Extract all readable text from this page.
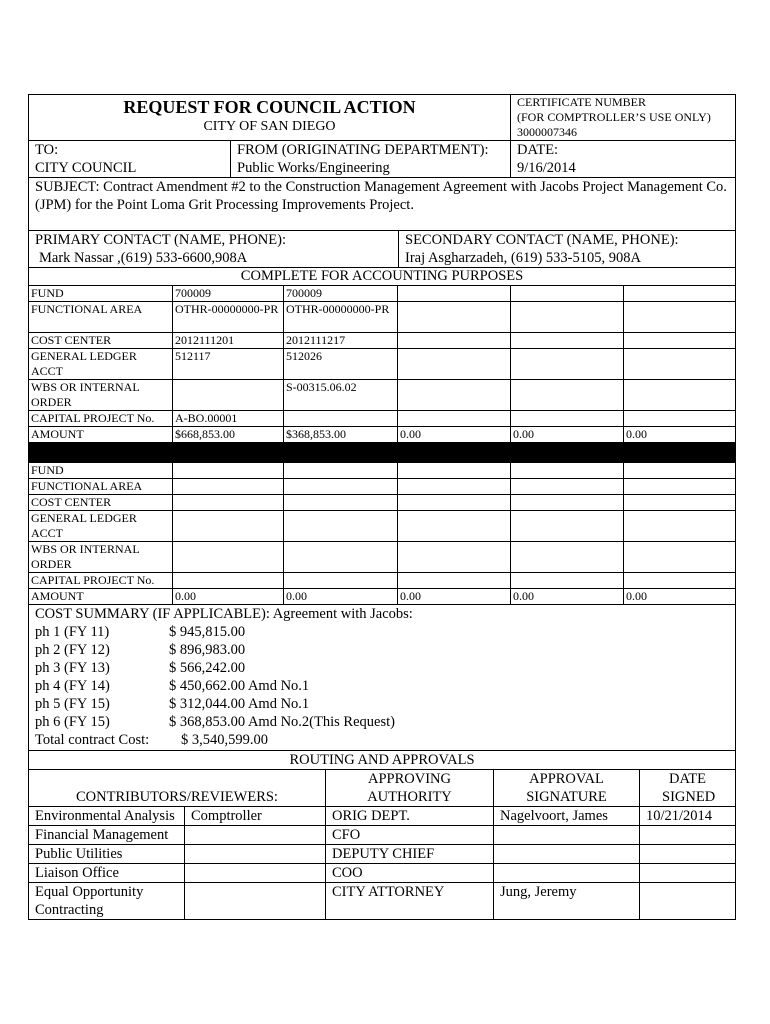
REQUEST FOR COUNCIL ACTION
CITY OF SAN DIEGO

CERTIFICATE NUMBER
(FOR COMPTROLLER’S USE ONLY)
3000007346
TO:
CITY COUNCIL

FROM (ORIGINATING DEPARTMENT):
Public Works/Engineering

DATE:
9/16/2014
SUBJECT: Contract Amendment #2 to the Construction Management Agreement with Jacobs Project Management Co. (JPM) for the Point Loma Grit Processing Improvements Project.
PRIMARY CONTACT (NAME, PHONE):
Mark Nassar ,(619) 533-6600,908A

SECONDARY CONTACT (NAME, PHONE):
Iraj Asgharzadeh, (619) 533-5105, 908A
COMPLETE FOR ACCOUNTING PURPOSES					
FUND	700009	700009			
FUNCTIONAL AREA	OTHR-00000000-PR	OTHR-00000000-PR			
COST CENTER	2012111201	2012111217			
GENERAL LEDGER ACCT	512117	512026			
WBS OR INTERNAL ORDER		S-00315.06.02			
CAPITAL PROJECT No.	A-BO.00001				
AMOUNT	$668,853.00	$368,853.00	0.00	0.00	0.00

FUND					
FUNCTIONAL AREA					
COST CENTER					
GENERAL LEDGER ACCT					
WBS OR INTERNAL ORDER					
CAPITAL PROJECT No.					
AMOUNT	0.00	0.00	0.00	0.00	0.00
COST SUMMARY (IF APPLICABLE): Agreement with Jacobs:
ph 1 (FY 11)	$ 945,815.00
ph 2 (FY 12)	$ 896,983.00
ph 3 (FY 13)	$ 566,242.00
ph 4 (FY 14)	$ 450,662.00 Amd No.1
ph 5 (FY 15)	$ 312,044.00 Amd No.1
ph 6 (FY 15)	$ 368,853.00 Amd No.2(This Request)
Total contract Cost: $ 3,540,599.00
ROUTING AND APPROVALS				
CONTRIBUTORS/REVIEWERS:		APPROVING AUTHORITY	APPROVAL SIGNATURE	DATE SIGNED
Environmental Analysis	Comptroller	ORIG DEPT.	Nagelvoort, James	10/21/2014
Financial Management		CFO		
Public Utilities		DEPUTY CHIEF		
Liaison Office		COO		
Equal Opportunity Contracting		CITY ATTORNEY	Jung, Jeremy	
